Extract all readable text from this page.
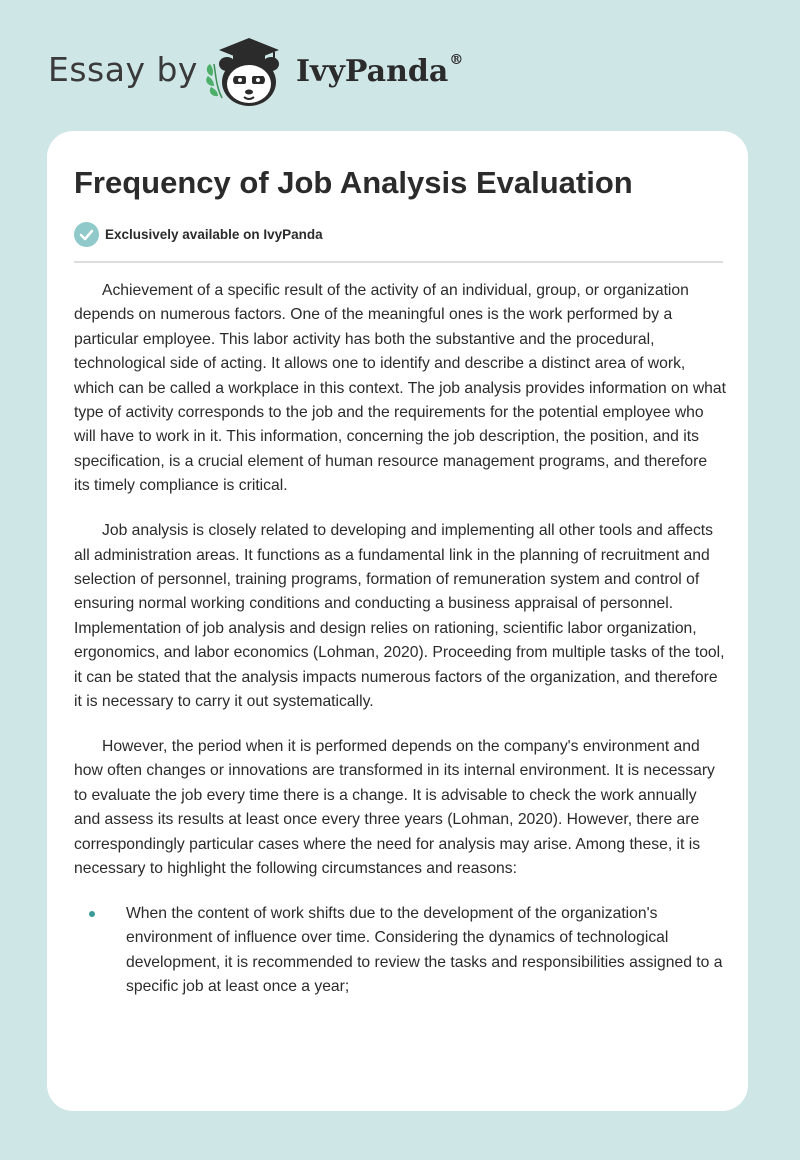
Essay by	IvyPanda®
Frequency of Job Analysis Evaluation
Exclusively available on IvyPanda

Achievement of a specific result of the activity of an individual, group, or organization depends on numerous factors. One of the meaningful ones is the work performed by a particular employee. This labor activity has both the substantive and the procedural, technological side of acting. It allows one to identify and describe a distinct area of work, which can be called a workplace in this context. The job analysis provides information on what type of activity corresponds to the job and the requirements for the potential employee who will have to work in it. This information, concerning the job description, the position, and its specification, is a crucial element of human resource management programs, and therefore its timely compliance is critical.

Job analysis is closely related to developing and implementing all other tools and affects all administration areas. It functions as a fundamental link in the planning of recruitment and selection of personnel, training programs, formation of remuneration system and control of ensuring normal working conditions and conducting a business appraisal of personnel. Implementation of job analysis and design relies on rationing, scientific labor organization, ergonomics, and labor economics (Lohman, 2020). Proceeding from multiple tasks of the tool, it can be stated that the analysis impacts numerous factors of the organization, and therefore it is necessary to carry it out systematically.

However, the period when it is performed depends on the company's environment and how often changes or innovations are transformed in its internal environment. It is necessary to evaluate the job every time there is a change. It is advisable to check the work annually and assess its results at least once every three years (Lohman, 2020). However, there are correspondingly particular cases where the need for analysis may arise. Among these, it is necessary to highlight the following circumstances and reasons:

When the content of work shifts due to the development of the organization's environment of influence over time. Considering the dynamics of technological development, it is recommended to review the tasks and responsibilities assigned to a specific job at least once a year;
